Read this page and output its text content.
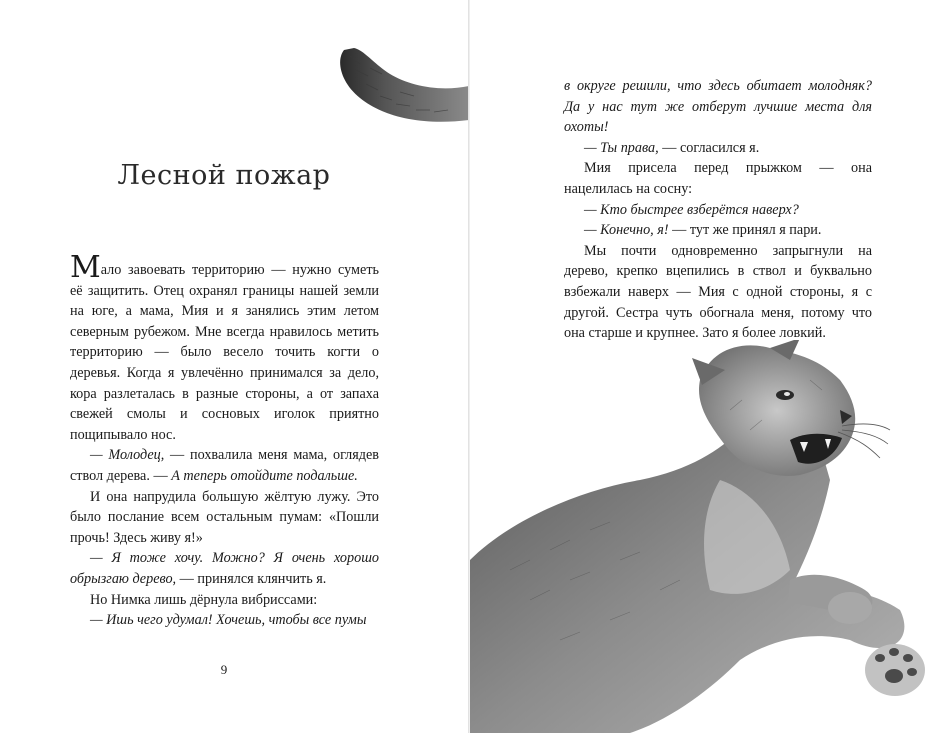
Лесной пожар

Мало завоевать территорию — нужно суметь её защитить. Отец охранял границы нашей земли на юге, а мама, Мия и я занялись этим летом северным рубежом. Мне всегда нравилось метить территорию — было весело точить когти о деревья. Когда я увлечённо принимался за дело, кора разлеталась в разные стороны, а от запаха свежей смолы и сосновых иголок приятно пощипывало нос.

— Молодец, — похвалила меня мама, оглядев ствол дерева. — А теперь отойдите подальше.

И она напрудила большую жёлтую лужу. Это было послание всем остальным пумам: «Пошли прочь! Здесь живу я!»

— Я тоже хочу. Можно? Я очень хорошо обрызгаю дерево, — принялся клянчить я.

Но Нимка лишь дёрнула вибриссами:

— Ишь чего удумал! Хочешь, чтобы все пумы

9

в округе решили, что здесь обитает молодняк? Да у нас тут же отберут лучшие места для охоты!

— Ты права, — согласился я.

Мия присела перед прыжком — она нацелилась на сосну:

— Кто быстрее взберётся наверх?

— Конечно, я! — тут же принял я пари.

Мы почти одновременно запрыгнули на дерево, крепко вцепились в ствол и буквально взбежали наверх — Мия с одной стороны, я с другой. Сестра чуть обогнала меня, потому что она старше и крупнее. Зато я более ловкий.
